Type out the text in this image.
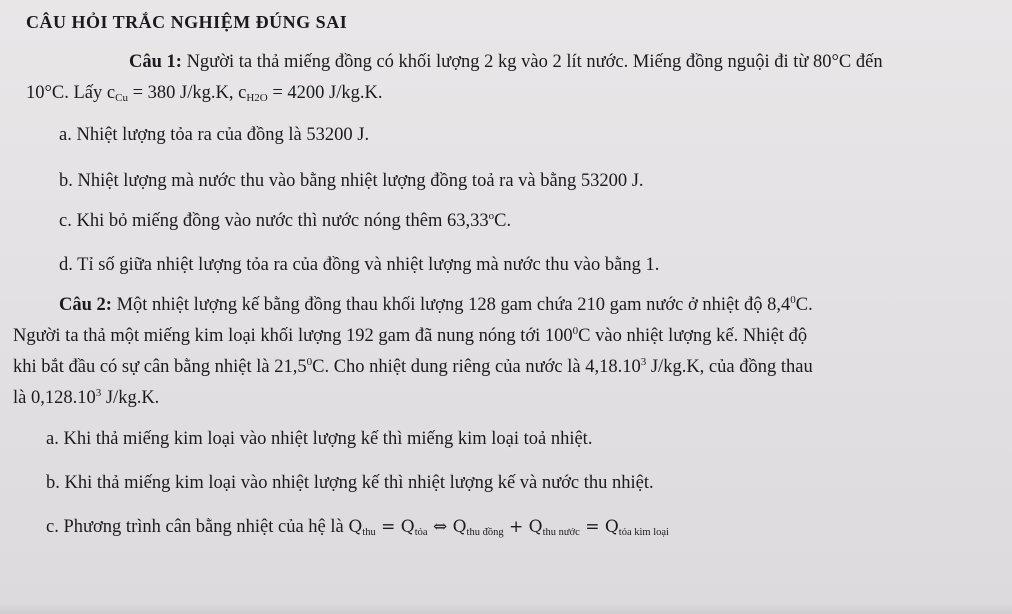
CÂU HỎI TRẮC NGHIỆM ĐÚNG SAI
Câu 1: Người ta thả miếng đồng có khối lượng 2 kg vào 2 lít nước. Miếng đồng nguội đi từ 80°C đến
10°C. Lấy $c_{Cu} = 380$ J/kg.K, $c_{H2O} = 4200$ J/kg.K.
a. Nhiệt lượng tỏa ra của đồng là 53200 J.
b. Nhiệt lượng mà nước thu vào bằng nhiệt lượng đồng toả ra và bằng 53200 J.
c. Khi bỏ miếng đồng vào nước thì nước nóng thêm 63,33$^o$C.
d. Tỉ số giữa nhiệt lượng tỏa ra của đồng và nhiệt lượng mà nước thu vào bằng 1.
Câu 2: Một nhiệt lượng kế bằng đồng thau khối lượng 128 gam chứa 210 gam nước ở nhiệt độ $8,4^0C$.
Người ta thả một miếng kim loại khối lượng 192 gam đã nung nóng tới $100^0C$ vào nhiệt lượng kế. Nhiệt độ
khi bắt đầu có sự cân bằng nhiệt là 21,5$^0$C. Cho nhiệt dung riêng của nước là 4,18.10$^3$ J/kg.K, của đồng thau
là 0,128.10$^3$ J/kg.K.
a. Khi thả miếng kim loại vào nhiệt lượng kế thì miếng kim loại toả nhiệt.
b. Khi thả miếng kim loại vào nhiệt lượng kế thì nhiệt lượng kế và nước thu nhiệt.
c. Phương trình cân bằng nhiệt của hệ là Qthu = Qtỏa ⇔ Qthu đồng + Qthu nước = Qtỏa kim loại
